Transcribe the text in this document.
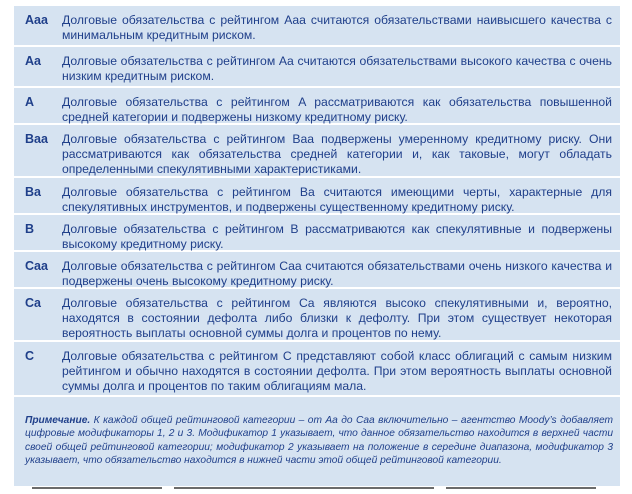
Aaa Долговые обязательства с рейтингом Aaa считаются обязательствами наивысшего качества с минимальным кредитным риском.
Aa Долговые обязательства с рейтингом Aa считаются обязательствами высокого качества с очень низким кредитным риском.
A Долговые обязательства с рейтингом A рассматриваются как обязательства повышенной средней категории и подвержены низкому кредитному риску.
Baa Долговые обязательства с рейтингом Baa подвержены умеренному кредитному риску. Они рассматриваются как обязательства средней категории и, как таковые, могут обладать определенными спекулятивными характеристиками.
Ba Долговые обязательства с рейтингом Ba считаются имеющими черты, характерные для спекулятивных инструментов, и подвержены существенному кредитному риску.
B Долговые обязательства с рейтингом B рассматриваются как спекулятивные и подвержены высокому кредитному риску.
Caa Долговые обязательства с рейтингом Caa считаются обязательствами очень низкого качества и подвержены очень высокому кредитному риску.
Ca Долговые обязательства с рейтингом Ca являются высоко спекулятивными и, вероятно, находятся в состоянии дефолта либо близки к дефолту. При этом существует некоторая вероятность выплаты основной суммы долга и процентов по нему.
C Долговые обязательства с рейтингом C представляют собой класс облигаций с самым низким рейтингом и обычно находятся в состоянии дефолта. При этом вероятность выплаты основной суммы долга и процентов по таким облигациям мала.
Примечание. К каждой общей рейтинговой категории – от Aa до Caa включительно – агентство Moody’s добавляет цифровые модификаторы 1, 2 и 3. Модификатор 1 указывает, что данное обязательство находится в верхней части своей общей рейтинговой категории; модификатор 2 указывает на положение в середине диапазона, модификатор 3 указывает, что обязательство находится в нижней части этой общей рейтинговой категории.
